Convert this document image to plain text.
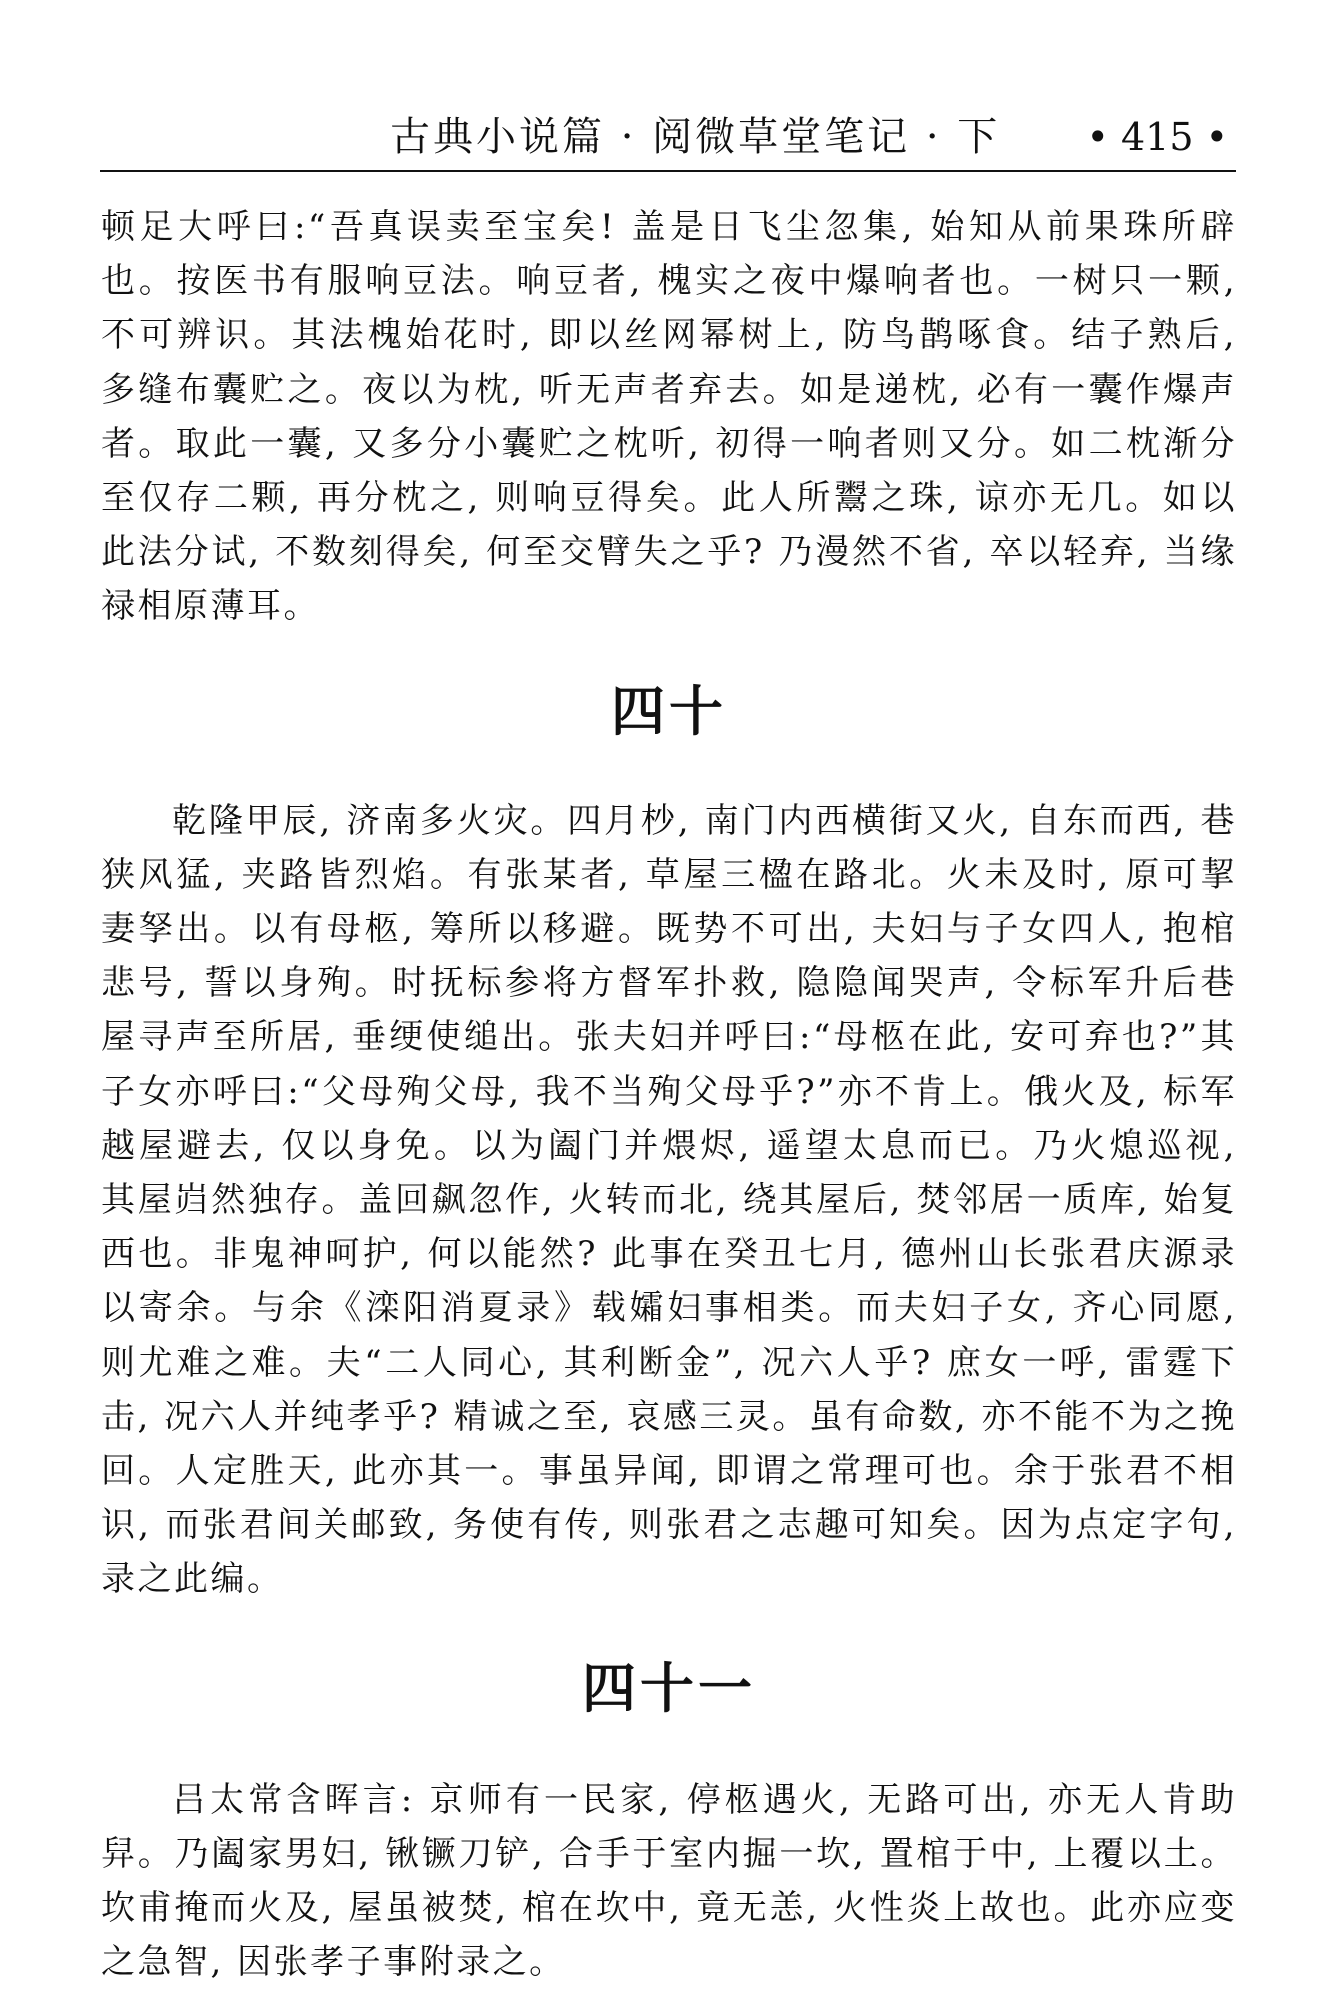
古典小说篇 · 阅微草堂笔记 · 下 • 415 •

顿足大呼曰:“吾真误卖至宝矣! 盖是日飞尘忽集, 始知从前果珠所辟也。按医书有服响豆法。响豆者, 槐实之夜中爆响者也。一树只一颗, 不可辨识。其法槐始花时, 即以丝网幂树上, 防鸟鹊啄食。结子熟后, 多缝布囊贮之。夜以为枕, 听无声者弃去。如是递枕, 必有一囊作爆声者。取此一囊, 又多分小囊贮之枕听, 初得一响者则又分。如二枕渐分至仅存二颗, 再分枕之, 则响豆得矣。此人所鬻之珠, 谅亦无几。如以此法分试, 不数刻得矣, 何至交臂失之乎? 乃漫然不省, 卒以轻弃, 当缘禄相原薄耳。

四十

乾隆甲辰, 济南多火灾。四月杪, 南门内西横街又火, 自东而西, 巷狭风猛, 夹路皆烈焰。有张某者, 草屋三楹在路北。火未及时, 原可挈妻孥出。以有母柩, 筹所以移避。既势不可出, 夫妇与子女四人, 抱棺悲号, 誓以身殉。时抚标参将方督军扑救, 隐隐闻哭声, 令标军升后巷屋寻声至所居, 垂绠使缒出。张夫妇并呼曰:“母柩在此, 安可弃也?”其子女亦呼曰:“父母殉父母, 我不当殉父母乎?”亦不肯上。俄火及, 标军越屋避去, 仅以身免。以为阖门并煨烬, 遥望太息而已。乃火熄巡视, 其屋岿然独存。盖回飙忽作, 火转而北, 绕其屋后, 焚邻居一质库, 始复西也。非鬼神呵护, 何以能然? 此事在癸丑七月, 德州山长张君庆源录以寄余。与余《滦阳消夏录》载孀妇事相类。而夫妇子女, 齐心同愿, 则尤难之难。夫“二人同心, 其利断金”, 况六人乎? 庶女一呼, 雷霆下击, 况六人并纯孝乎? 精诚之至, 哀感三灵。虽有命数, 亦不能不为之挽回。人定胜天, 此亦其一。事虽异闻, 即谓之常理可也。余于张君不相识, 而张君间关邮致, 务使有传, 则张君之志趣可知矣。因为点定字句, 录之此编。

四十一

吕太常含晖言: 京师有一民家, 停柩遇火, 无路可出, 亦无人肯助舁。乃阖家男妇, 锹镢刀铲, 合手于室内掘一坎, 置棺于中, 上覆以土。坎甫掩而火及, 屋虽被焚, 棺在坎中, 竟无恙, 火性炎上故也。此亦应变之急智, 因张孝子事附录之。
